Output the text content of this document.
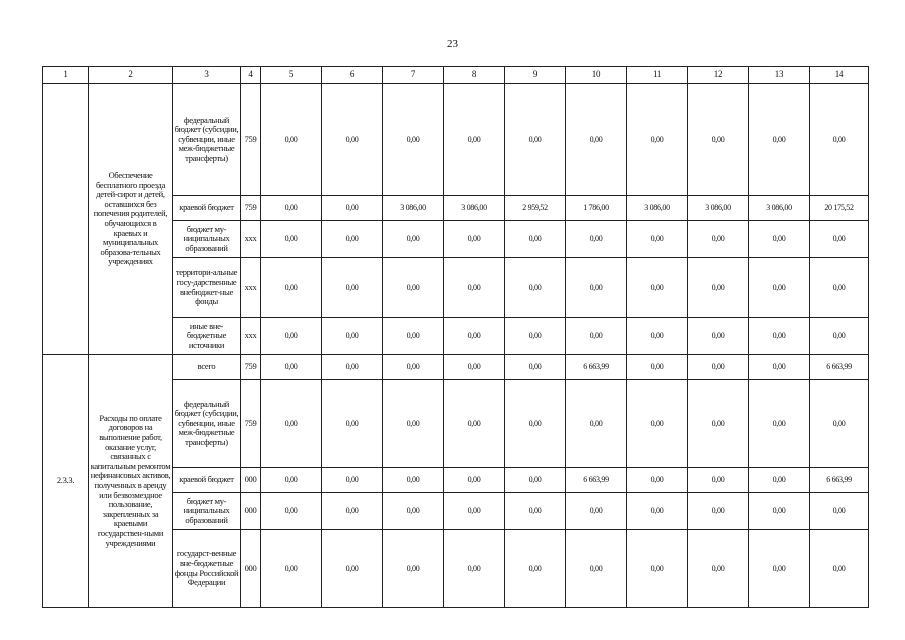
23
1	2	3	4	5	6	7	8	9	10	11	12	13	14
	Обеспечение бесплатного проезда детей-сирот и детей, оставшихся без попечения родителей, обучающихся в краевых и муниципальных образова-тельных учреждениях	федеральный бюджет (субсидии, субвенции, иные меж-бюджетные трансферты)	759	0,00	0,00	0,00	0,00	0,00	0,00	0,00	0,00	0,00	0,00
		краевой бюджет	759	0,00	0,00	3 086,00	3 086,00	2 959,52	1 786,00	3 086,00	3 086,00	3 086,00	20 175,52
		бюджет му-ниципальных образований	xxx	0,00	0,00	0,00	0,00	0,00	0,00	0,00	0,00	0,00	0,00
		территори-альные госу-дарственные внебюджет-ные фонды	xxx	0,00	0,00	0,00	0,00	0,00	0,00	0,00	0,00	0,00	0,00
		иные вне-бюджетные источники	xxx	0,00	0,00	0,00	0,00	0,00	0,00	0,00	0,00	0,00	0,00
2.3.3.	Расходы по оплате договоров на выполнение работ, оказание услуг, связанных с капитальным ремонтом нефинансовых активов, полученных в аренду или безвозмездное пользование, закрепленных за краевыми государствен-ными учреждениями	всего	759	0,00	0,00	0,00	0,00	0,00	6 663,99	0,00	0,00	0,00	6 663,99
		федеральный бюджет (субсидии, субвенции, иные меж-бюджетные трансферты)	759	0,00	0,00	0,00	0,00	0,00	0,00	0,00	0,00	0,00	0,00
		краевой бюджет	000	0,00	0,00	0,00	0,00	0,00	6 663,99	0,00	0,00	0,00	6 663,99
		бюджет му-ниципальных образований	000	0,00	0,00	0,00	0,00	0,00	0,00	0,00	0,00	0,00	0,00
		государст-венные вне-бюджетные фонды Российской Федерации	000	0,00	0,00	0,00	0,00	0,00	0,00	0,00	0,00	0,00	0,00
